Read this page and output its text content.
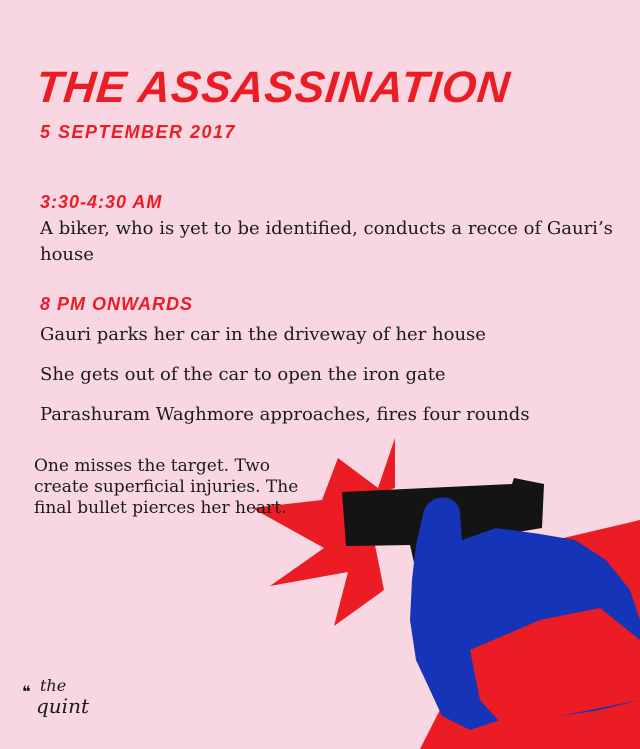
THE ASSASSINATION
5 SEPTEMBER 2017
3:30-4:30 AM
A biker, who is yet to be identified, conducts a recce of Gauri’s house
8 PM ONWARDS
Gauri parks her car in the driveway of her house
She gets out of the car to open the iron gate
Parashuram Waghmore approaches, fires four rounds
One misses the target. Two create superficial injuries. The final bullet pierces her heart.
❝ the
quint
